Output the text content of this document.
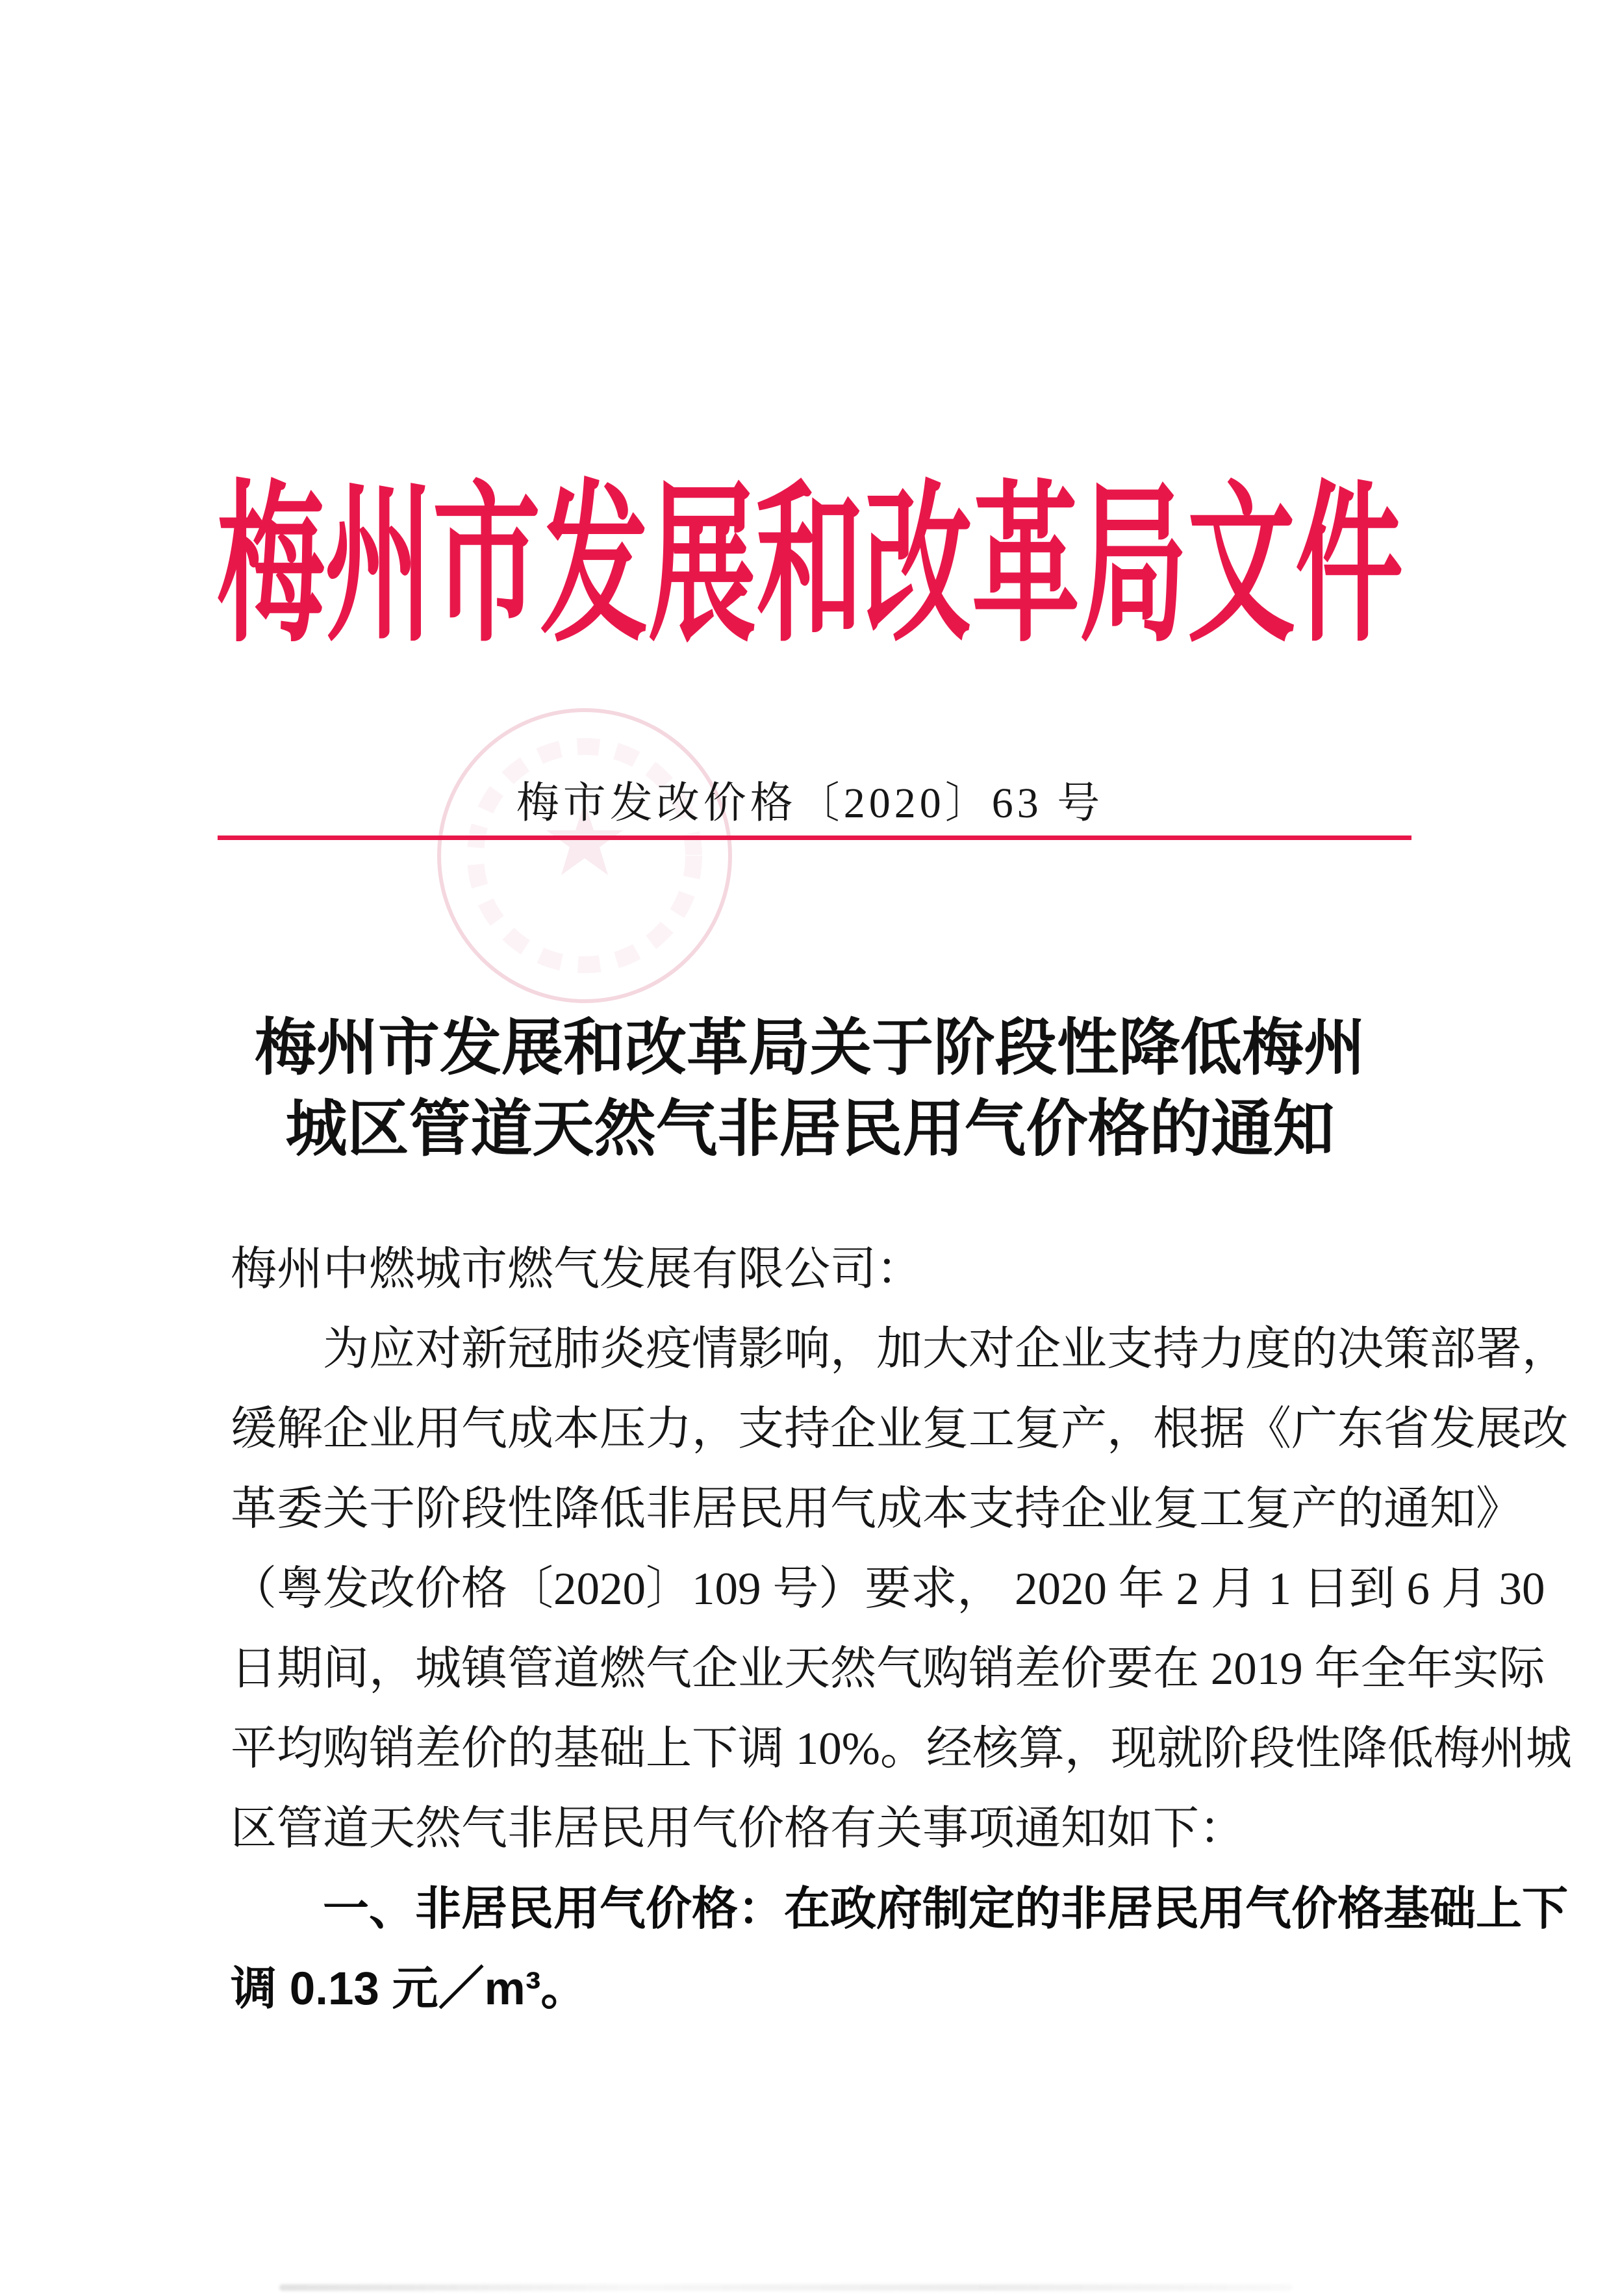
梅州市发展和改革局文件
梅市发改价格〔2020〕63 号
梅州市发展和改革局关于阶段性降低梅州
城区管道天然气非居民用气价格的通知
梅州中燃城市燃气发展有限公司：
为应对新冠肺炎疫情影响，加大对企业支持力度的决策部署，
缓解企业用气成本压力，支持企业复工复产，根据《广东省发展改
革委关于阶段性降低非居民用气成本支持企业复工复产的通知》
（粤发改价格〔2020〕109 号）要求， 2020 年 2 月 1 日到 6 月 30
日期间，城镇管道燃气企业天然气购销差价要在 2019 年全年实际
平均购销差价的基础上下调 10%。经核算，现就阶段性降低梅州城
区管道天然气非居民用气价格有关事项通知如下：
一、非居民用气价格：在政府制定的非居民用气价格基础上下
调 0.13 元／m³。
